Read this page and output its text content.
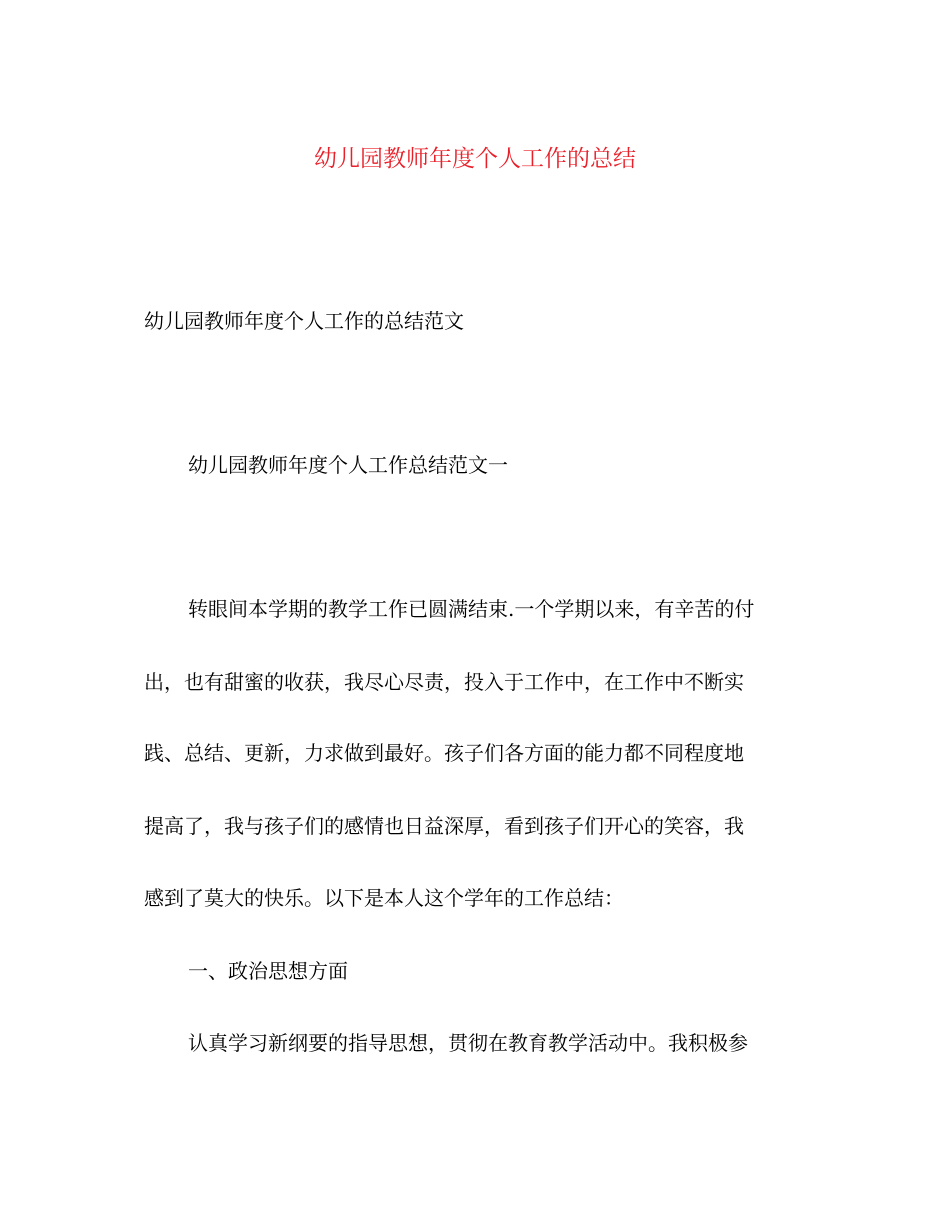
幼儿园教师年度个人工作的总结

幼儿园教师年度个人工作的总结范文

幼儿园教师年度个人工作总结范文一

转眼间本学期的教学工作已圆满结束.一个学期以来，有辛苦的付

出，也有甜蜜的收获，我尽心尽责，投入于工作中，在工作中不断实

践、总结、更新，力求做到最好。孩子们各方面的能力都不同程度地

提高了，我与孩子们的感情也日益深厚，看到孩子们开心的笑容，我

感到了莫大的快乐。以下是本人这个学年的工作总结：

一、政治思想方面

认真学习新纲要的指导思想，贯彻在教育教学活动中。我积极参
